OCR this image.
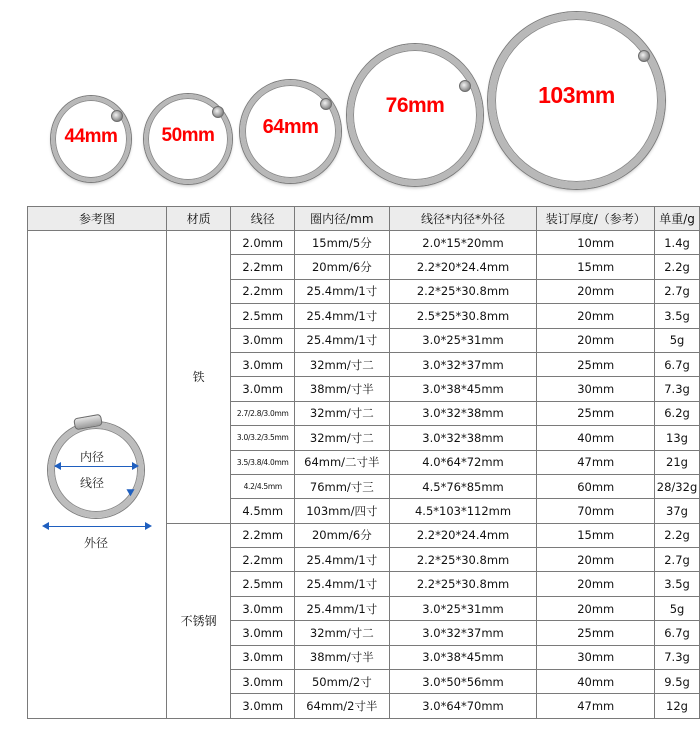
44mm	50mm	64mm
76mm	103mm
参考图	材质	线径	圈内径/mm	线径*内径*外径	装订厚度/（参考）	单重/g

内径
线径
外径	铁	2.0mm	15mm/5分	2.0*15*20mm	10mm	1.4g
		2.2mm	20mm/6分	2.2*20*24.4mm	15mm	2.2g
		2.2mm	25.4mm/1寸	2.2*25*30.8mm	20mm	2.7g
		2.5mm	25.4mm/1寸	2.5*25*30.8mm	20mm	3.5g
		3.0mm	25.4mm/1寸	3.0*25*31mm	20mm	5g
		3.0mm	32mm/寸二	3.0*32*37mm	25mm	6.7g
		3.0mm	38mm/寸半	3.0*38*45mm	30mm	7.3g
		2.7/2.8/3.0mm	32mm/寸二	3.0*32*38mm	25mm	6.2g
		3.0/3.2/3.5mm	32mm/寸二	3.0*32*38mm	40mm	13g
		3.5/3.8/4.0mm	64mm/二寸半	4.0*64*72mm	47mm	21g
		4.2/4.5mm	76mm/寸三	4.5*76*85mm	60mm	28/32g
		4.5mm	103mm/四寸	4.5*103*112mm	70mm	37g
	不锈钢	2.2mm	20mm/6分	2.2*20*24.4mm	15mm	2.2g
		2.2mm	25.4mm/1寸	2.2*25*30.8mm	20mm	2.7g
		2.5mm	25.4mm/1寸	2.2*25*30.8mm	20mm	3.5g
		3.0mm	25.4mm/1寸	3.0*25*31mm	20mm	5g
		3.0mm	32mm/寸二	3.0*32*37mm	25mm	6.7g
		3.0mm	38mm/寸半	3.0*38*45mm	30mm	7.3g
		3.0mm	50mm/2寸	3.0*50*56mm	40mm	9.5g
		3.0mm	64mm/2寸半	3.0*64*70mm	47mm	12g
